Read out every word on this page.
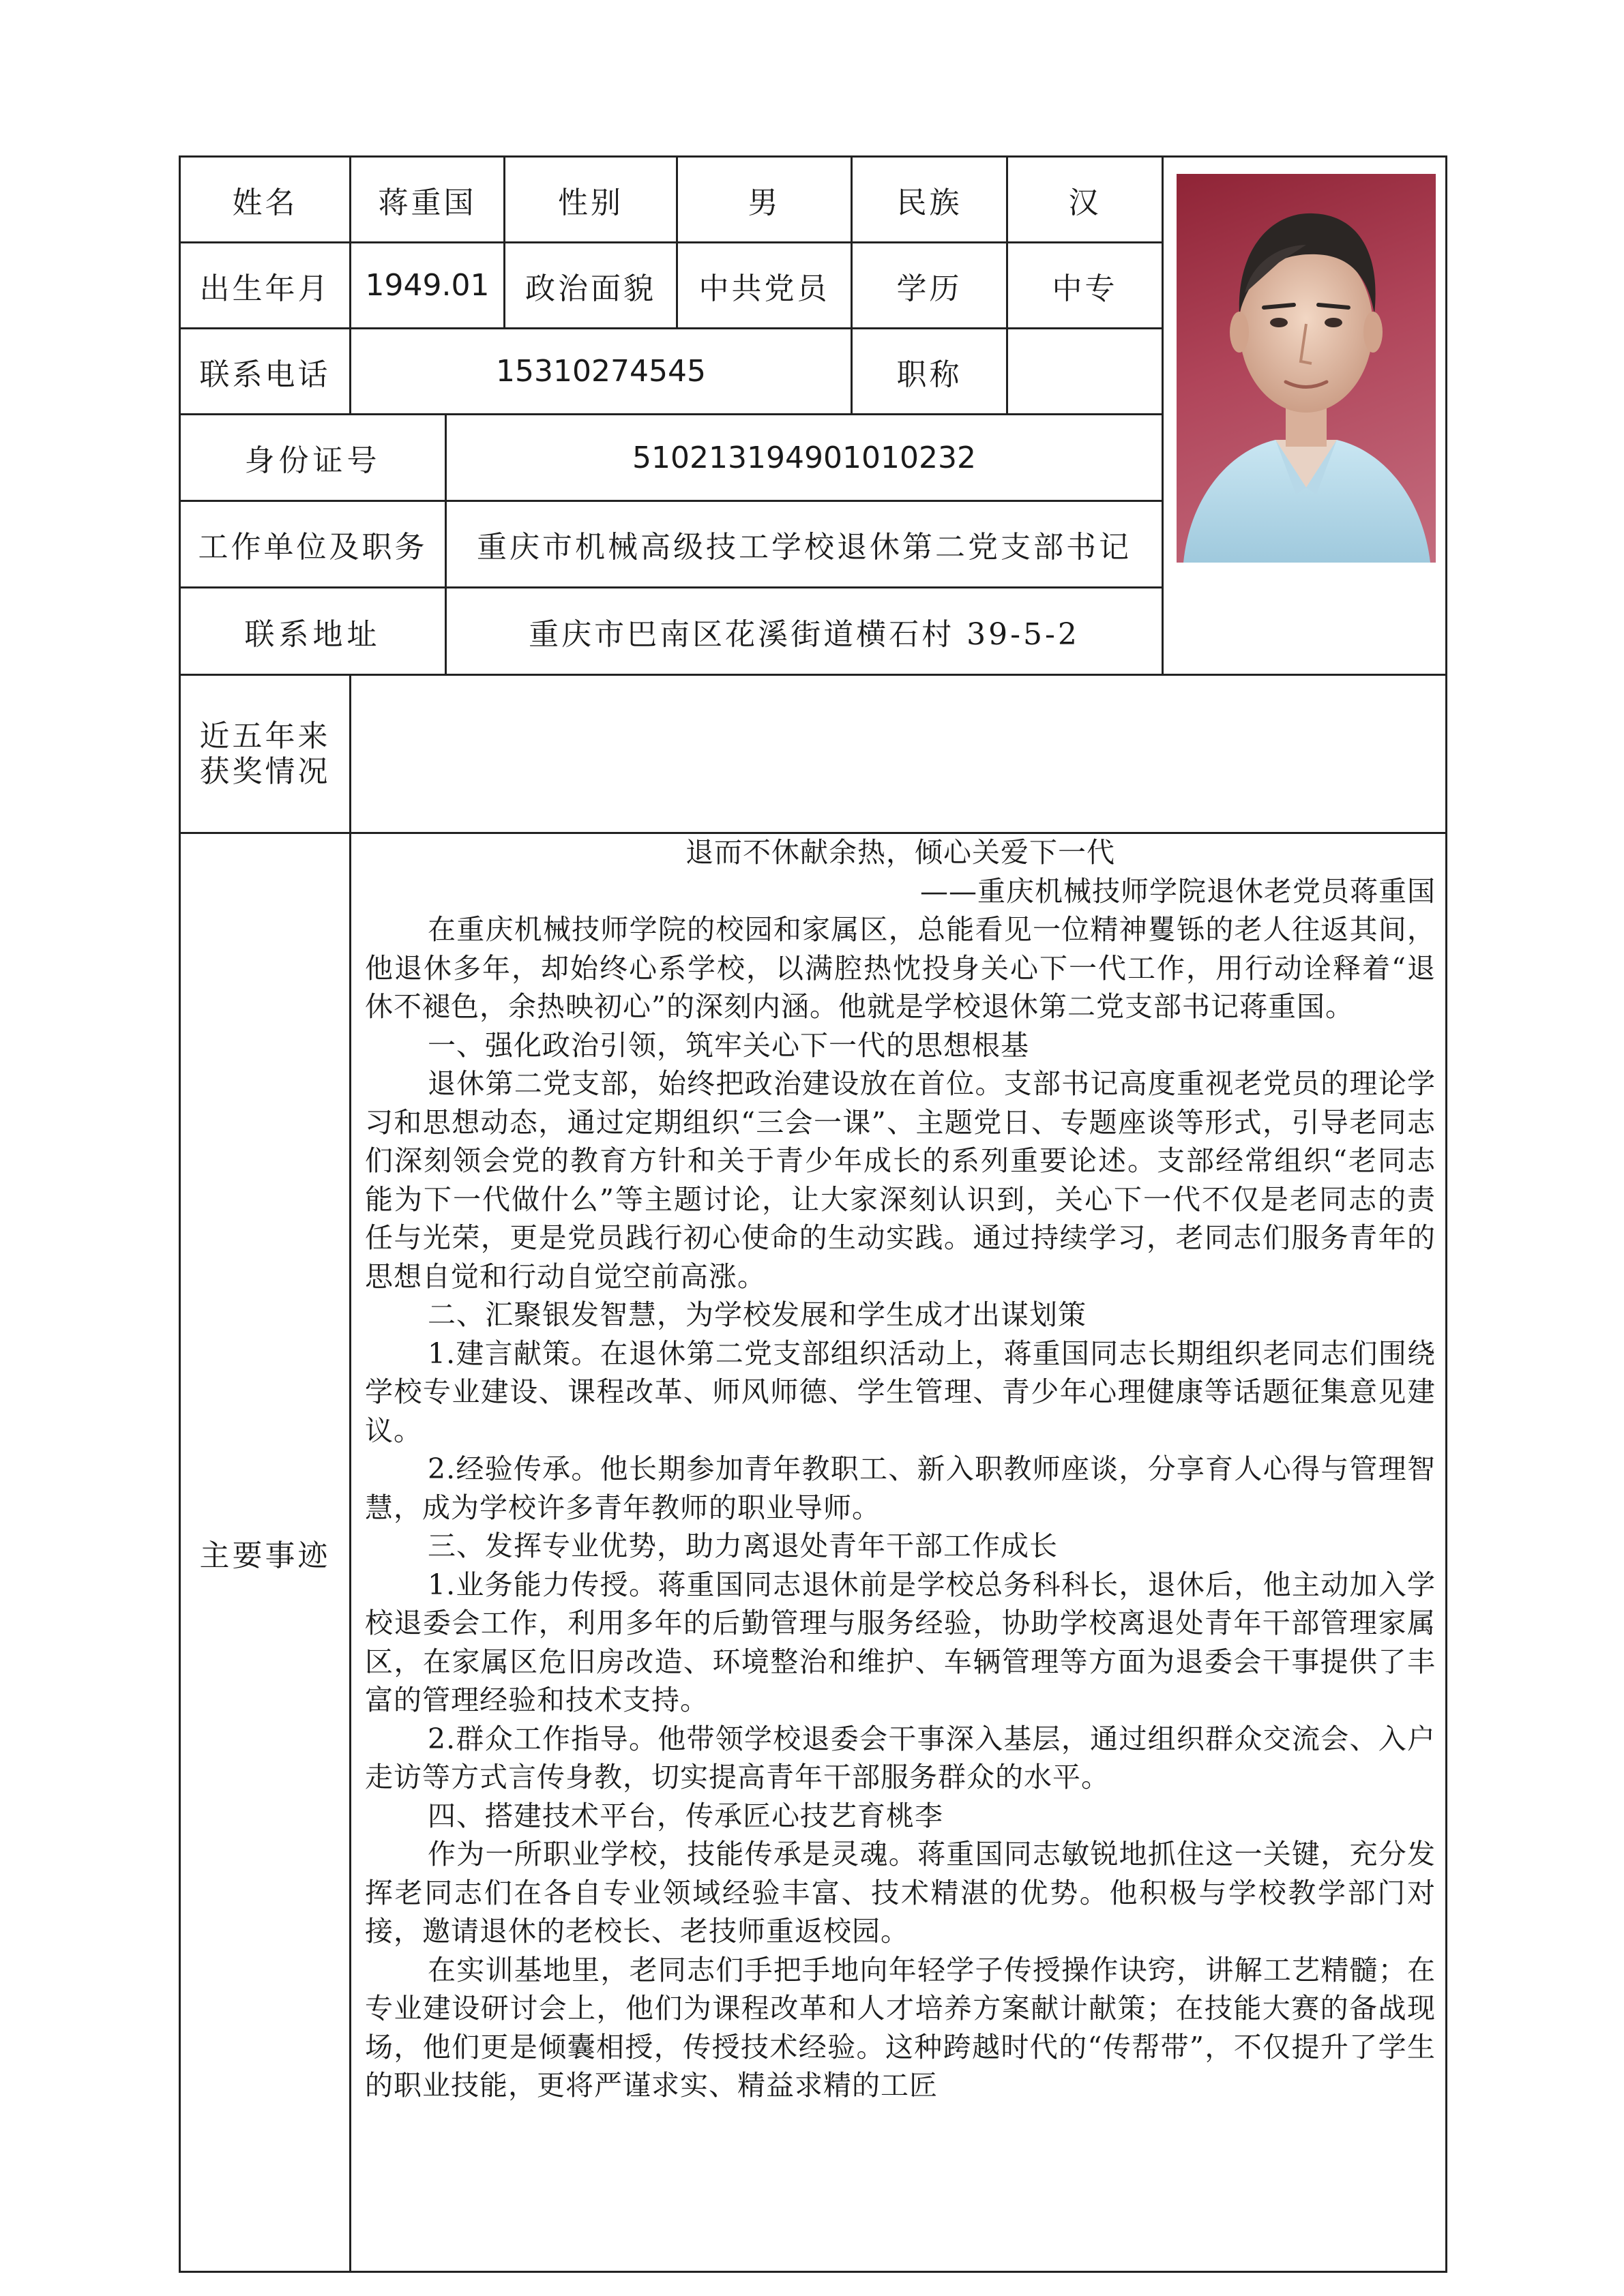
姓名	蒋重国	性别	男	民族	汉
出生年月	1949.01	政治面貌	中共党员	学历	中专
联系电话	15310274545	职称
身份证号	510213194901010232
工作单位及职务	重庆市机械高级技工学校退休第二党支部书记
联系地址	重庆市巴南区花溪街道横石村 39-5-2
近五年来
获奖情况
主要事迹

退而不休献余热，倾心关爱下一代

——重庆机械技师学院退休老党员蒋重国

在重庆机械技师学院的校园和家属区，总能看见一位精神矍铄的老人往返其间，他退休多年，却始终心系学校，以满腔热忱投身关心下一代工作，用行动诠释着“退休不褪色，余热映初心”的深刻内涵。他就是学校退休第二党支部书记蒋重国。

一、强化政治引领，筑牢关心下一代的思想根基

退休第二党支部，始终把政治建设放在首位。支部书记高度重视老党员的理论学习和思想动态，通过定期组织“三会一课”、主题党日、专题座谈等形式，引导老同志们深刻领会党的教育方针和关于青少年成长的系列重要论述。支部经常组织“老同志能为下一代做什么”等主题讨论，让大家深刻认识到，关心下一代不仅是老同志的责任与光荣，更是党员践行初心使命的生动实践。通过持续学习，老同志们服务青年的思想自觉和行动自觉空前高涨。

二、汇聚银发智慧，为学校发展和学生成才出谋划策

1.建言献策。在退休第二党支部组织活动上，蒋重国同志长期组织老同志们围绕学校专业建设、课程改革、师风师德、学生管理、青少年心理健康等话题征集意见建议。

2.经验传承。他长期参加青年教职工、新入职教师座谈，分享育人心得与管理智慧，成为学校许多青年教师的职业导师。

三、发挥专业优势，助力离退处青年干部工作成长

1.业务能力传授。蒋重国同志退休前是学校总务科科长，退休后，他主动加入学校退委会工作，利用多年的后勤管理与服务经验，协助学校离退处青年干部管理家属区，在家属区危旧房改造、环境整治和维护、车辆管理等方面为退委会干事提供了丰富的管理经验和技术支持。

2.群众工作指导。他带领学校退委会干事深入基层，通过组织群众交流会、入户走访等方式言传身教，切实提高青年干部服务群众的水平。

四、搭建技术平台，传承匠心技艺育桃李

作为一所职业学校，技能传承是灵魂。蒋重国同志敏锐地抓住这一关键，充分发挥老同志们在各自专业领域经验丰富、技术精湛的优势。他积极与学校教学部门对接，邀请退休的老校长、老技师重返校园。

在实训基地里，老同志们手把手地向年轻学子传授操作诀窍，讲解工艺精髓；在专业建设研讨会上，他们为课程改革和人才培养方案献计献策；在技能大赛的备战现场，他们更是倾囊相授，传授技术经验。这种跨越时代的“传帮带”，不仅提升了学生的职业技能，更将严谨求实、精益求精的工匠
